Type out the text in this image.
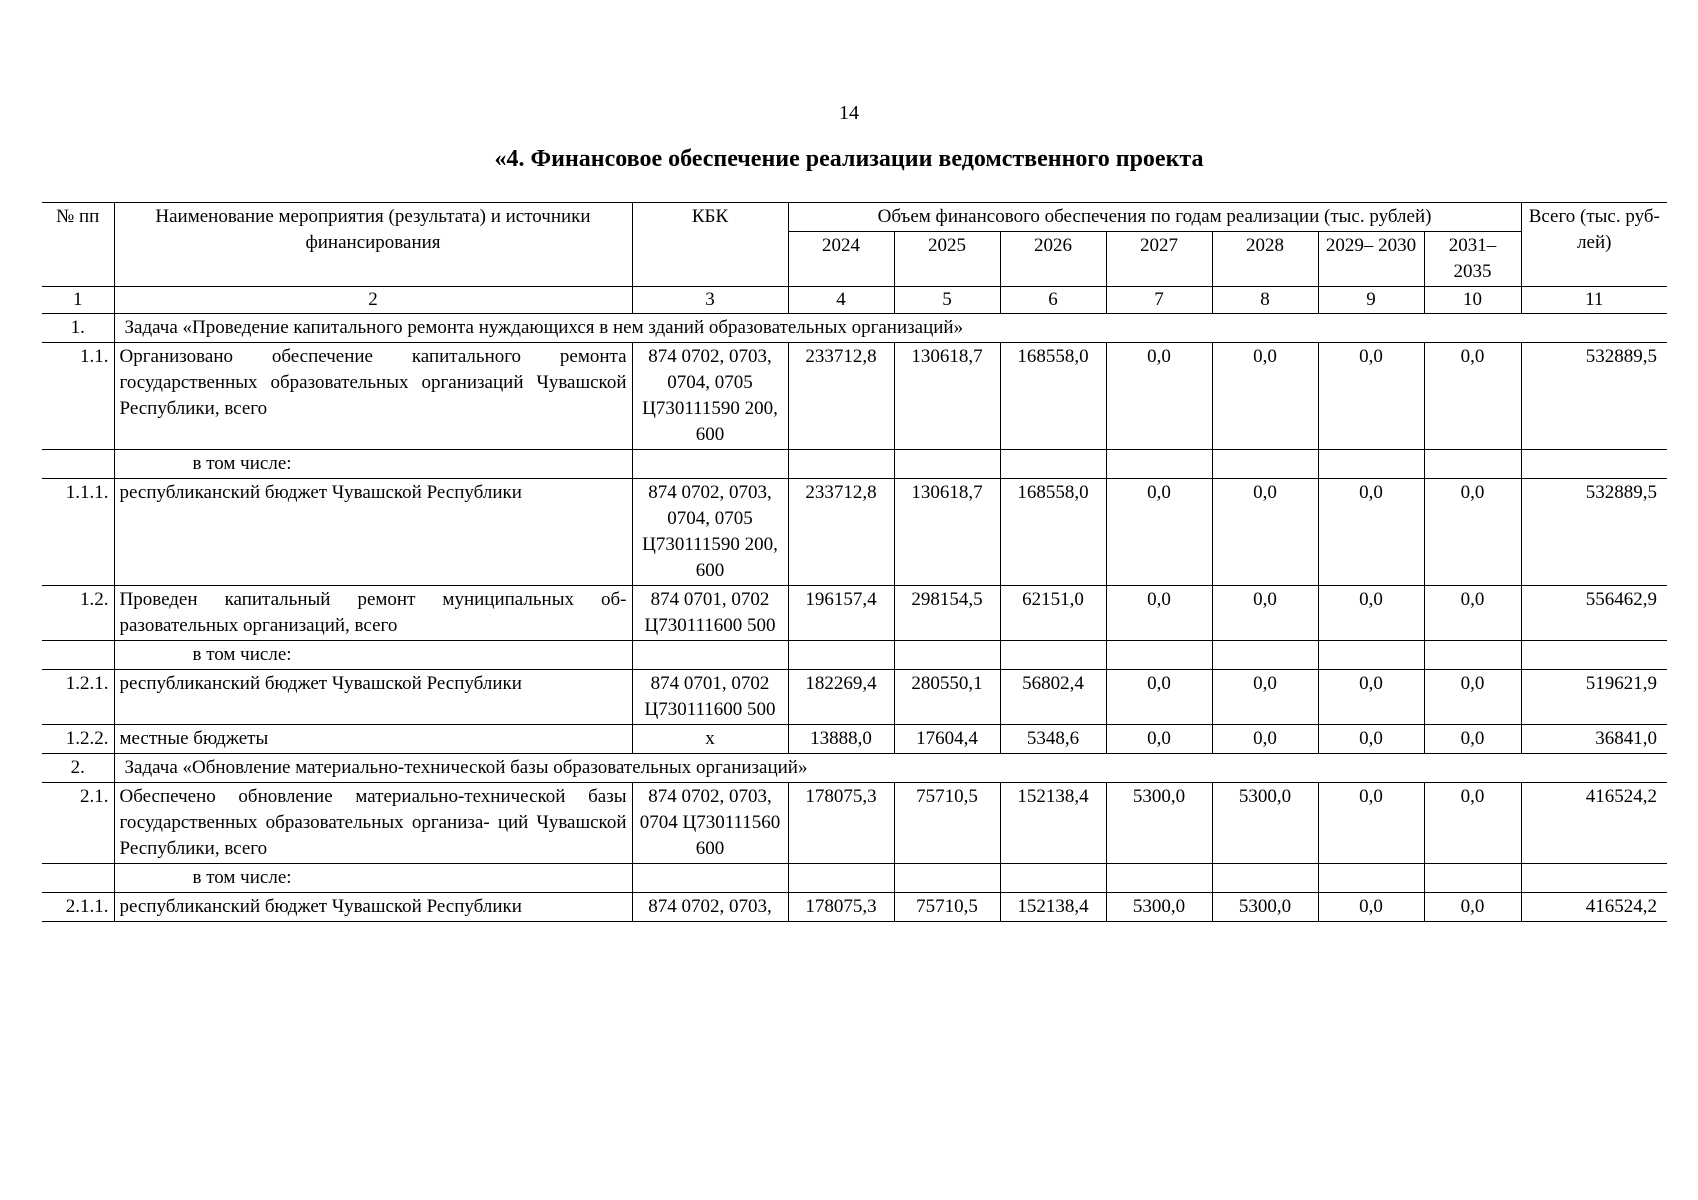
14
«4. Финансовое обеспечение реализации ведомственного проекта
№ пп	Наименование мероприятия (результата) и источники финансирования	КБК	Объем финансового обеспечения по годам реализации (тыс. рублей)							Всего (тыс. руб- лей)
			2024	2025	2026	2027	2028	2029– 2030	2031– 2035	
1	2	3	4	5	6	7	8	9	10	11
1.	Задача «Проведение капитального ремонта нуждающихся в нем зданий образовательных организаций»									
1.1.	Организовано обеспечение капитального ремонта государственных образовательных организаций Чувашской Республики, всего	874 0702, 0703, 0704, 0705 Ц730111590 200, 600	233712,8	130618,7	168558,0	0,0	0,0	0,0	0,0	532889,5
	в том числе:									
1.1.1.	республиканский бюджет Чувашской Республики	874 0702, 0703, 0704, 0705 Ц730111590 200, 600	233712,8	130618,7	168558,0	0,0	0,0	0,0	0,0	532889,5
1.2.	Проведен капитальный ремонт муниципальных об- разовательных организаций, всего	874 0701, 0702 Ц730111600 500	196157,4	298154,5	62151,0	0,0	0,0	0,0	0,0	556462,9
	в том числе:									
1.2.1.	республиканский бюджет Чувашской Республики	874 0701, 0702 Ц730111600 500	182269,4	280550,1	56802,4	0,0	0,0	0,0	0,0	519621,9
1.2.2.	местные бюджеты	х	13888,0	17604,4	5348,6	0,0	0,0	0,0	0,0	36841,0
2.	Задача «Обновление материально-технической базы образовательных организаций»									
2.1.	Обеспечено обновление материально-технической базы государственных образовательных организа- ций Чувашской Республики, всего	874 0702, 0703, 0704 Ц730111560 600	178075,3	75710,5	152138,4	5300,0	5300,0	0,0	0,0	416524,2
	в том числе:									
2.1.1.	республиканский бюджет Чувашской Республики	874 0702, 0703,	178075,3	75710,5	152138,4	5300,0	5300,0	0,0	0,0	416524,2
